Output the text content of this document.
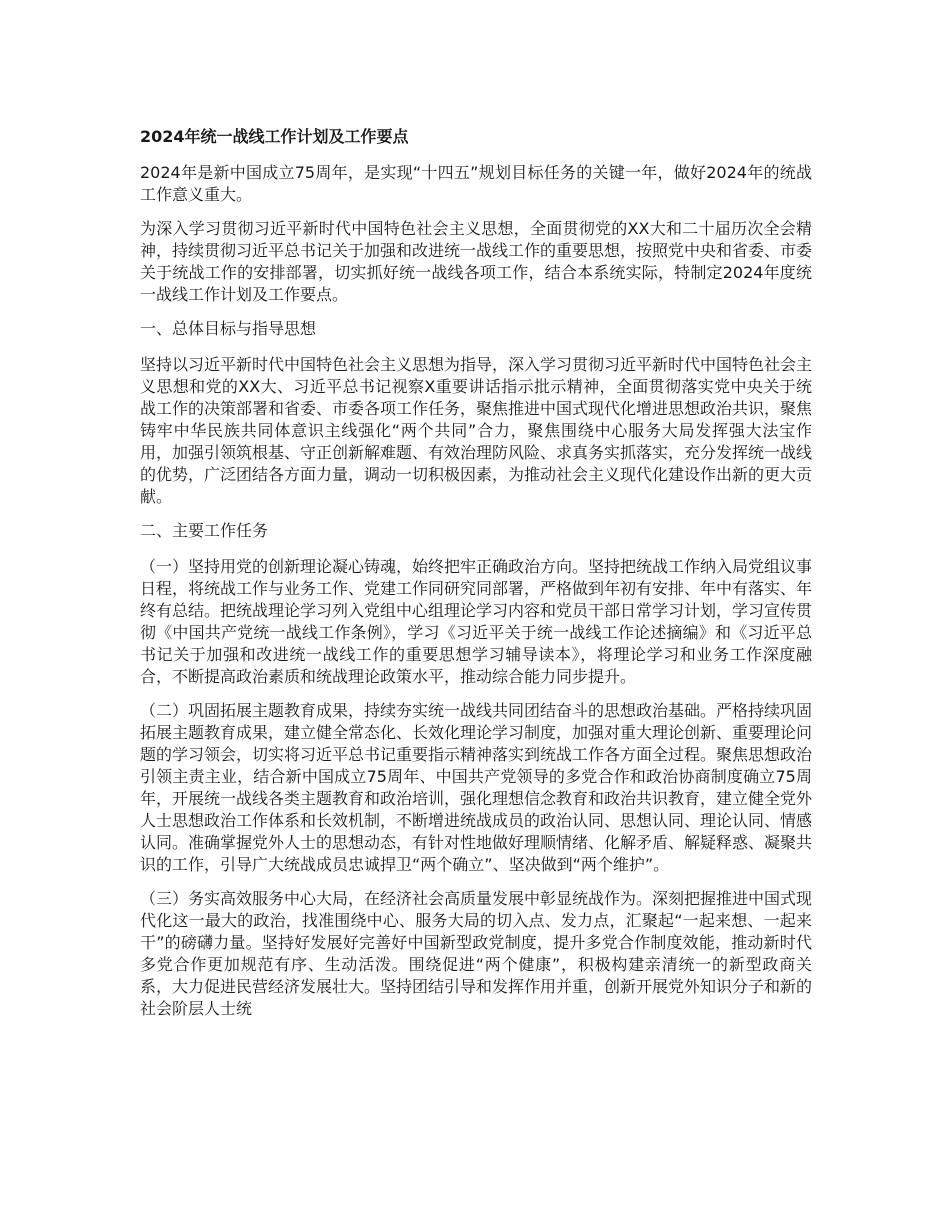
2024年统一战线工作计划及工作要点

2024年是新中国成立75周年，是实现“十四五”规划目标任务的关键一年，做好2024年的统战工作意义重大。

为深入学习贯彻习近平新时代中国特色社会主义思想，全面贯彻党的XX大和二十届历次全会精神，持续贯彻习近平总书记关于加强和改进统一战线工作的重要思想，按照党中央和省委、市委关于统战工作的安排部署，切实抓好统一战线各项工作，结合本系统实际，特制定2024年度统一战线工作计划及工作要点。

一、总体目标与指导思想

坚持以习近平新时代中国特色社会主义思想为指导，深入学习贯彻习近平新时代中国特色社会主义思想和党的XX大、习近平总书记视察X重要讲话指示批示精神，全面贯彻落实党中央关于统战工作的决策部署和省委、市委各项工作任务，聚焦推进中国式现代化增进思想政治共识，聚焦铸牢中华民族共同体意识主线强化“两个共同”合力，聚焦围绕中心服务大局发挥强大法宝作用，加强引领筑根基、守正创新解难题、有效治理防风险、求真务实抓落实，充分发挥统一战线的优势，广泛团结各方面力量，调动一切积极因素，为推动社会主义现代化建设作出新的更大贡献。

二、主要工作任务

（一）坚持用党的创新理论凝心铸魂，始终把牢正确政治方向。坚持把统战工作纳入局党组议事日程，将统战工作与业务工作、党建工作同研究同部署，严格做到年初有安排、年中有落实、年终有总结。把统战理论学习列入党组中心组理论学习内容和党员干部日常学习计划，学习宣传贯彻《中国共产党统一战线工作条例》，学习《习近平关于统一战线工作论述摘编》和《习近平总书记关于加强和改进统一战线工作的重要思想学习辅导读本》，将理论学习和业务工作深度融合，不断提高政治素质和统战理论政策水平，推动综合能力同步提升。

（二）巩固拓展主题教育成果，持续夯实统一战线共同团结奋斗的思想政治基础。严格持续巩固拓展主题教育成果，建立健全常态化、长效化理论学习制度，加强对重大理论创新、重要理论问题的学习领会，切实将习近平总书记重要指示精神落实到统战工作各方面全过程。聚焦思想政治引领主责主业，结合新中国成立75周年、中国共产党领导的多党合作和政治协商制度确立75周年，开展统一战线各类主题教育和政治培训，强化理想信念教育和政治共识教育，建立健全党外人士思想政治工作体系和长效机制，不断增进统战成员的政治认同、思想认同、理论认同、情感认同。准确掌握党外人士的思想动态，有针对性地做好理顺情绪、化解矛盾、解疑释惑、凝聚共识的工作，引导广大统战成员忠诚捍卫“两个确立”、坚决做到“两个维护”。

（三）务实高效服务中心大局，在经济社会高质量发展中彰显统战作为。深刻把握推进中国式现代化这一最大的政治，找准围绕中心、服务大局的切入点、发力点，汇聚起“一起来想、一起来干”的磅礴力量。坚持好发展好完善好中国新型政党制度，提升多党合作制度效能，推动新时代多党合作更加规范有序、生动活泼。围绕促进“两个健康”，积极构建亲清统一的新型政商关系，大力促进民营经济发展壮大。坚持团结引导和发挥作用并重，创新开展党外知识分子和新的社会阶层人士统
